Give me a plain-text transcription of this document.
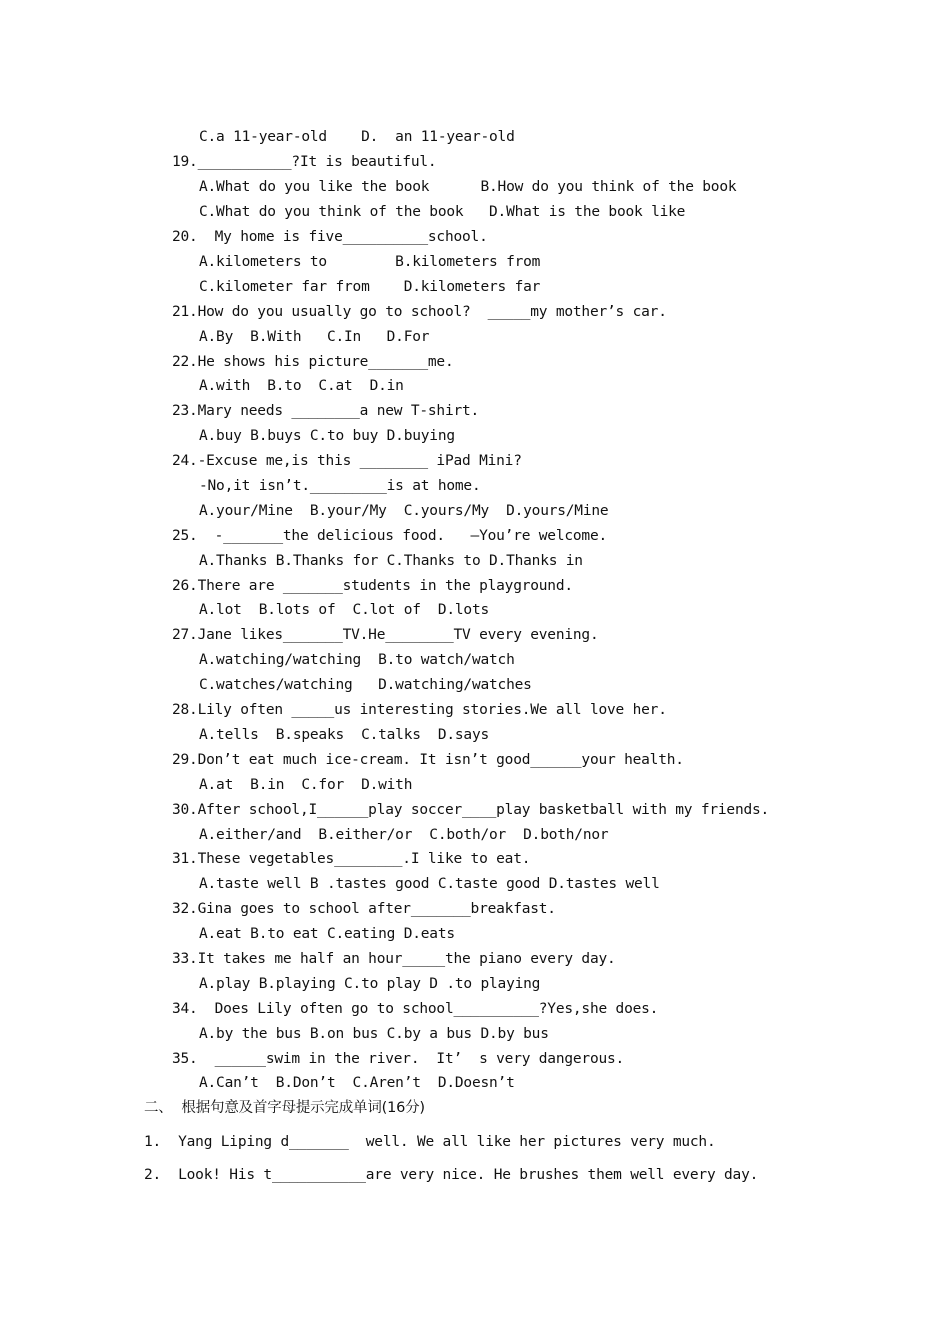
C.a 11-year-old    D.  an 11-year-old
19.___________?It is beautiful.
A.What do you like the book      B.How do you think of the book
C.What do you think of the book   D.What is the book like
20.  My home is five__________school.
A.kilometers to        B.kilometers from
C.kilometer far from    D.kilometers far
21.How do you usually go to school?  _____my mother’s car.
A.By  B.With   C.In   D.For
22.He shows his picture_______me.
A.with  B.to  C.at  D.in
23.Mary needs ________a new T-shirt.
A.buy B.buys C.to buy D.buying
24.-Excuse me,is this ________ iPad Mini?
-No,it isn’t._________is at home.
A.your/Mine  B.your/My  C.yours/My  D.yours/Mine
25.  -_______the delicious food.   –You’re welcome.
A.Thanks B.Thanks for C.Thanks to D.Thanks in
26.There are _______students in the playground.
A.lot  B.lots of  C.lot of  D.lots
27.Jane likes_______TV.He________TV every evening.
A.watching/watching  B.to watch/watch
C.watches/watching   D.watching/watches
28.Lily often _____us interesting stories.We all love her.
A.tells  B.speaks  C.talks  D.says
29.Don’t eat much ice-cream. It isn’t good______your health.
A.at  B.in  C.for  D.with
30.After school,I______play soccer____play basketball with my friends.
A.either/and  B.either/or  C.both/or  D.both/nor
31.These vegetables________.I like to eat.
A.taste well B .tastes good C.taste good D.tastes well
32.Gina goes to school after_______breakfast.
A.eat B.to eat C.eating D.eats
33.It takes me half an hour_____the piano every day.
A.play B.playing C.to play D .to playing
34.  Does Lily often go to school__________?Yes,she does.
A.by the bus B.on bus C.by a bus D.by bus
35.  ______swim in the river.  It’  s very dangerous.
A.Can’t  B.Don’t  C.Aren’t  D.Doesn’t
二、  根据句意及首字母提示完成单词(16分)
1.  Yang Liping d_______  well. We all like her pictures very much.
2.  Look! His t___________are very nice. He brushes them well every day.
